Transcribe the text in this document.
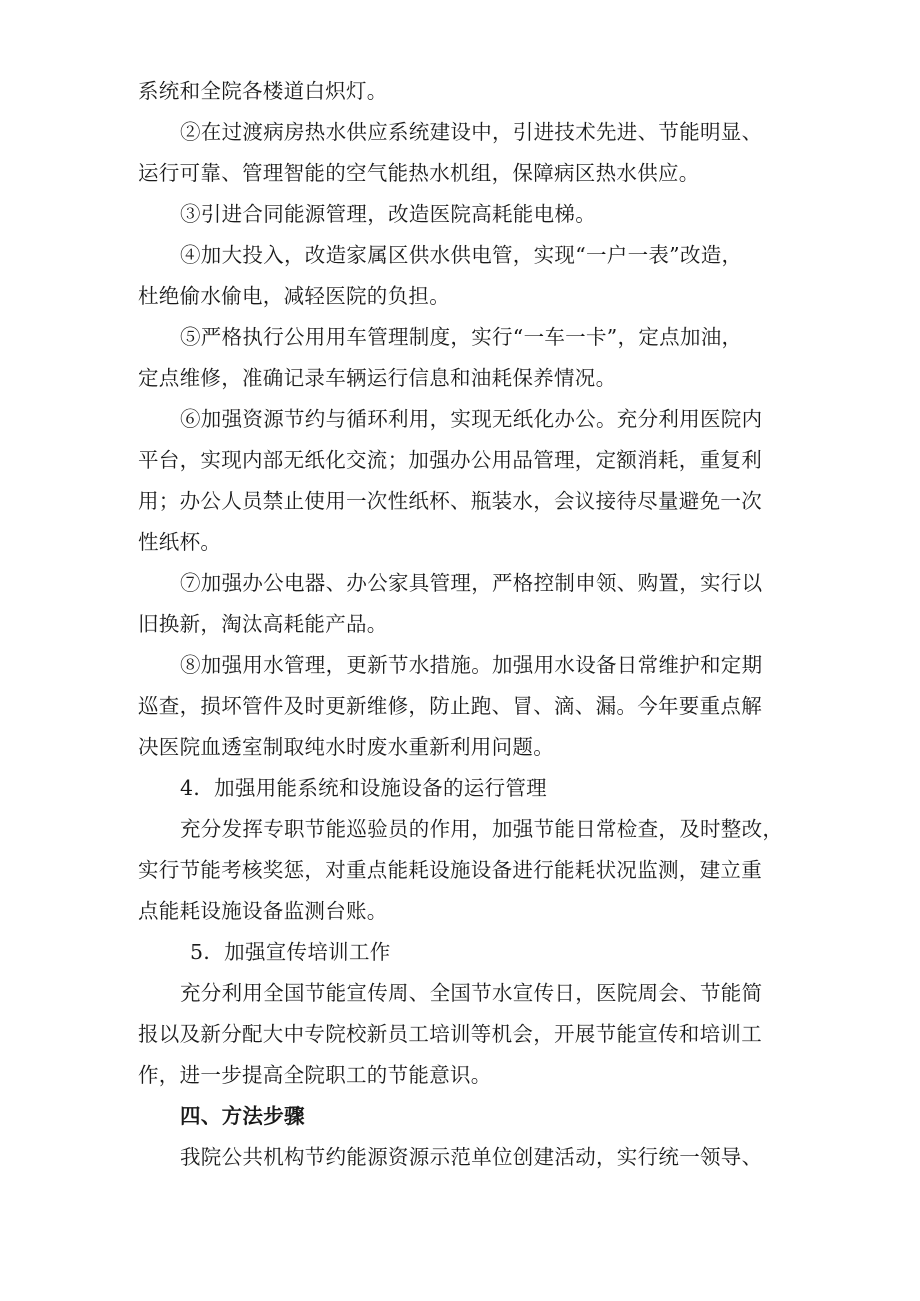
系统和全院各楼道白炽灯。
②在过渡病房热水供应系统建设中，引进技术先进、节能明显、
运行可靠、管理智能的空气能热水机组，保障病区热水供应。
③引进合同能源管理，改造医院高耗能电梯。
④加大投入，改造家属区供水供电管，实现“一户一表”改造，
杜绝偷水偷电，减轻医院的负担。
⑤严格执行公用用车管理制度，实行“一车一卡”，定点加油，
定点维修，准确记录车辆运行信息和油耗保养情况。
⑥加强资源节约与循环利用，实现无纸化办公。充分利用医院内
平台，实现内部无纸化交流；加强办公用品管理，定额消耗，重复利
用；办公人员禁止使用一次性纸杯、瓶装水，会议接待尽量避免一次
性纸杯。
⑦加强办公电器、办公家具管理，严格控制申领、购置，实行以
旧换新，淘汰高耗能产品。
⑧加强用水管理，更新节水措施。加强用水设备日常维护和定期
巡查，损坏管件及时更新维修，防止跑、冒、滴、漏。今年要重点解
决医院血透室制取纯水时废水重新利用问题。
4．加强用能系统和设施设备的运行管理
充分发挥专职节能巡验员的作用，加强节能日常检查，及时整改，
实行节能考核奖惩，对重点能耗设施设备进行能耗状况监测，建立重
点能耗设施设备监测台账。
5．加强宣传培训工作
充分利用全国节能宣传周、全国节水宣传日，医院周会、节能简
报以及新分配大中专院校新员工培训等机会，开展节能宣传和培训工
作，进一步提高全院职工的节能意识。
四、方法步骤
我院公共机构节约能源资源示范单位创建活动，实行统一领导、
